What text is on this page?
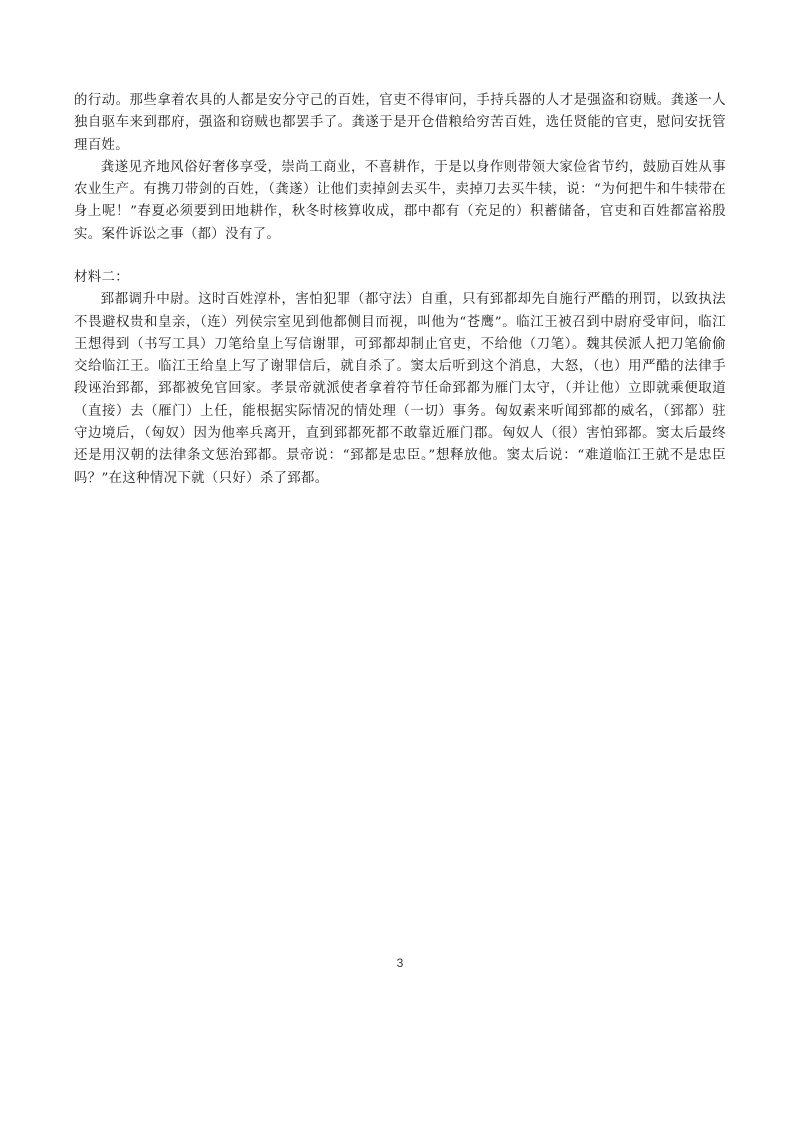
的行动。那些拿着农具的人都是安分守己的百姓，官吏不得审问，手持兵器的人才是强盗和窃贼。龚遂一人独自驱车来到郡府，强盗和窃贼也都罢手了。龚遂于是开仓借粮给穷苦百姓，选任贤能的官吏，慰问安抚管理百姓。

龚遂见齐地风俗好奢侈享受，崇尚工商业，不喜耕作，于是以身作则带领大家俭省节约，鼓励百姓从事农业生产。有携刀带剑的百姓，（龚遂）让他们卖掉剑去买牛，卖掉刀去买牛犊，说：“为何把牛和牛犊带在身上呢！”春夏必须要到田地耕作，秋冬时核算收成，郡中都有（充足的）积蓄储备，官吏和百姓都富裕殷实。案件诉讼之事（都）没有了。

材料二：

郅都调升中尉。这时百姓淳朴，害怕犯罪（都守法）自重，只有郅都却先自施行严酷的刑罚，以致执法不畏避权贵和皇亲，（连）列侯宗室见到他都侧目而视，叫他为“苍鹰”。临江王被召到中尉府受审问，临江王想得到（书写工具）刀笔给皇上写信谢罪，可郅都却制止官吏，不给他（刀笔）。魏其侯派人把刀笔偷偷交给临江王。临江王给皇上写了谢罪信后，就自杀了。窦太后听到这个消息，大怒，（也）用严酷的法律手段诬治郅都，郅都被免官回家。孝景帝就派使者拿着符节任命郅都为雁门太守，（并让他）立即就乘便取道（直接）去（雁门）上任，能根据实际情况的情处理（一切）事务。匈奴素来听闻郅都的威名，（郅都）驻守边境后，（匈奴）因为他率兵离开，直到郅都死都不敢靠近雁门郡。匈奴人（很）害怕郅都。窦太后最终还是用汉朝的法律条文惩治郅都。景帝说：“郅都是忠臣。”想释放他。窦太后说：“难道临江王就不是忠臣吗？”在这种情况下就（只好）杀了郅都。

3
